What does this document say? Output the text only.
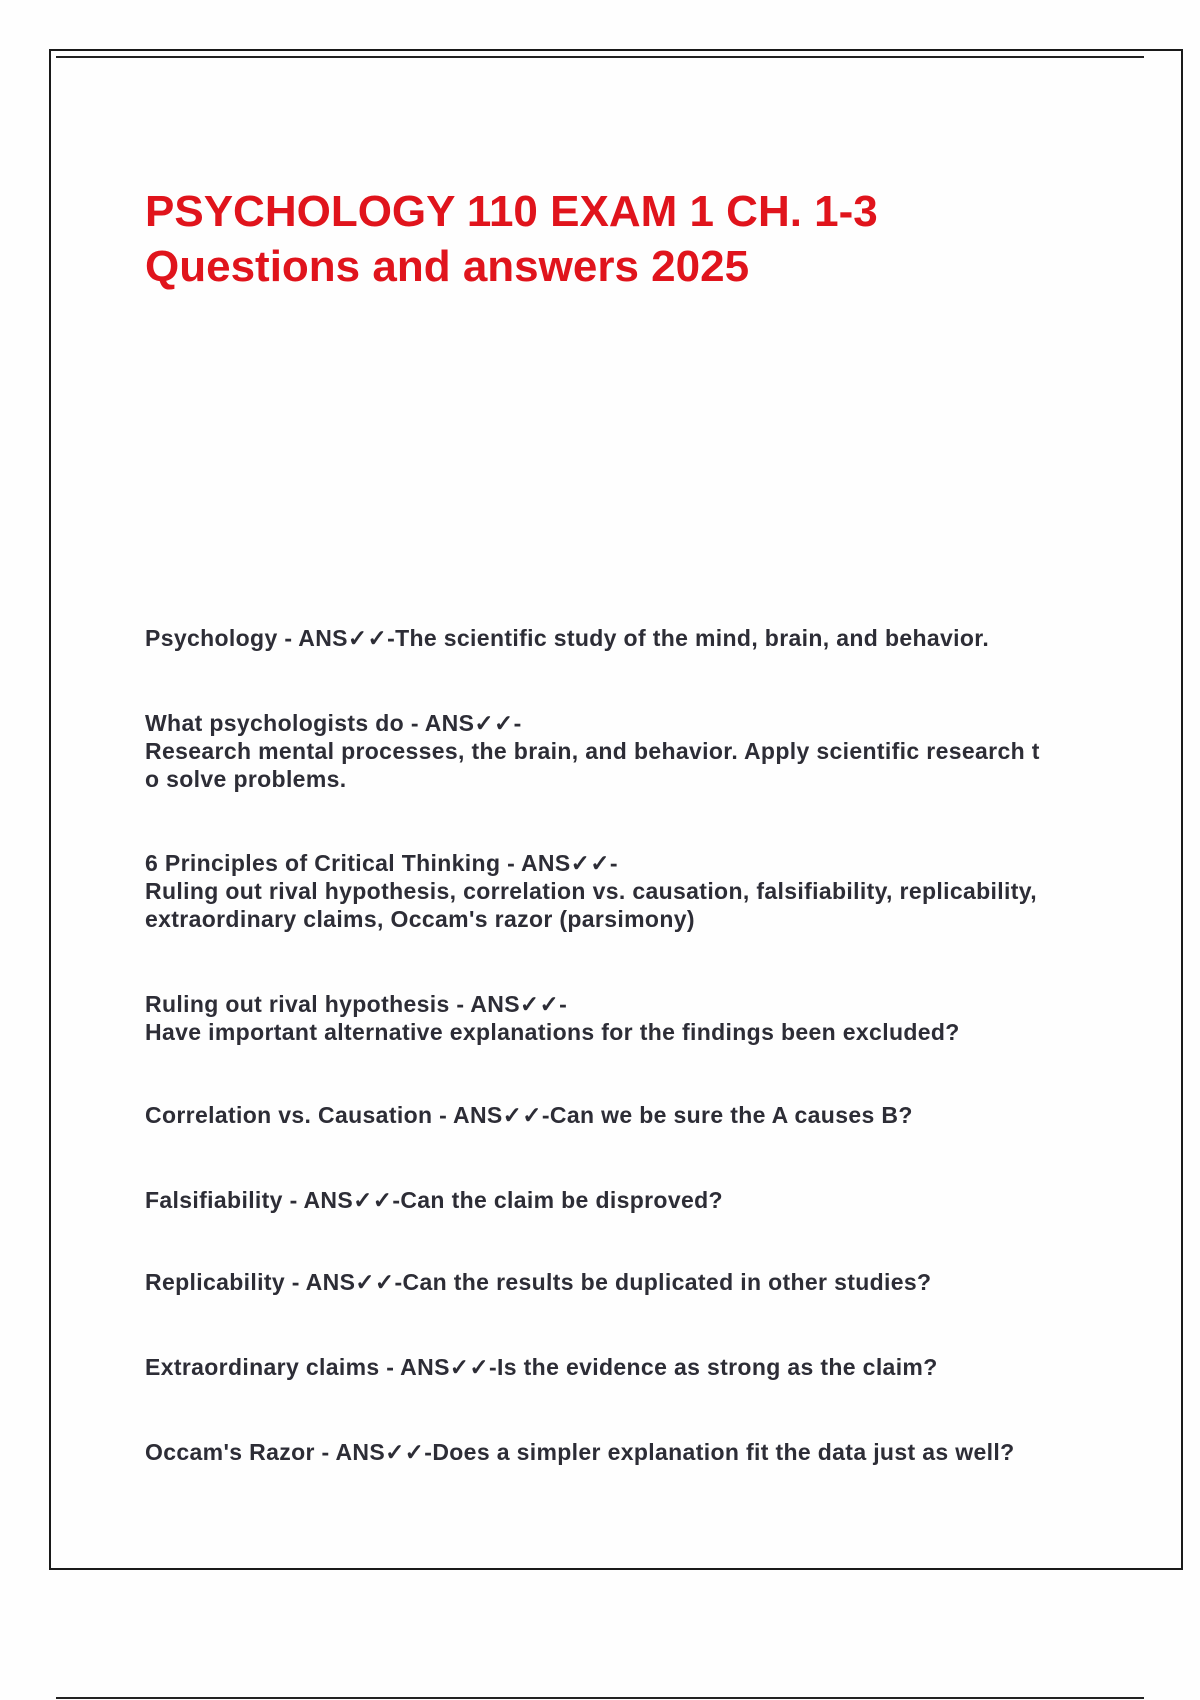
PSYCHOLOGY 110 EXAM 1 CH. 1-3
Questions and answers 2025

Psychology - ANS✓✓-The scientific study of the mind, brain, and behavior.

What psychologists do - ANS✓✓-
Research mental processes, the brain, and behavior. Apply scientific research t
o solve problems.

6 Principles of Critical Thinking - ANS✓✓-
Ruling out rival hypothesis, correlation vs. causation, falsifiability, replicability,
extraordinary claims, Occam's razor (parsimony)

Ruling out rival hypothesis - ANS✓✓-
Have important alternative explanations for the findings been excluded?

Correlation vs. Causation - ANS✓✓-Can we be sure the A causes B?

Falsifiability - ANS✓✓-Can the claim be disproved?

Replicability - ANS✓✓-Can the results be duplicated in other studies?

Extraordinary claims - ANS✓✓-Is the evidence as strong as the claim?

Occam's Razor - ANS✓✓-Does a simpler explanation fit the data just as well?
